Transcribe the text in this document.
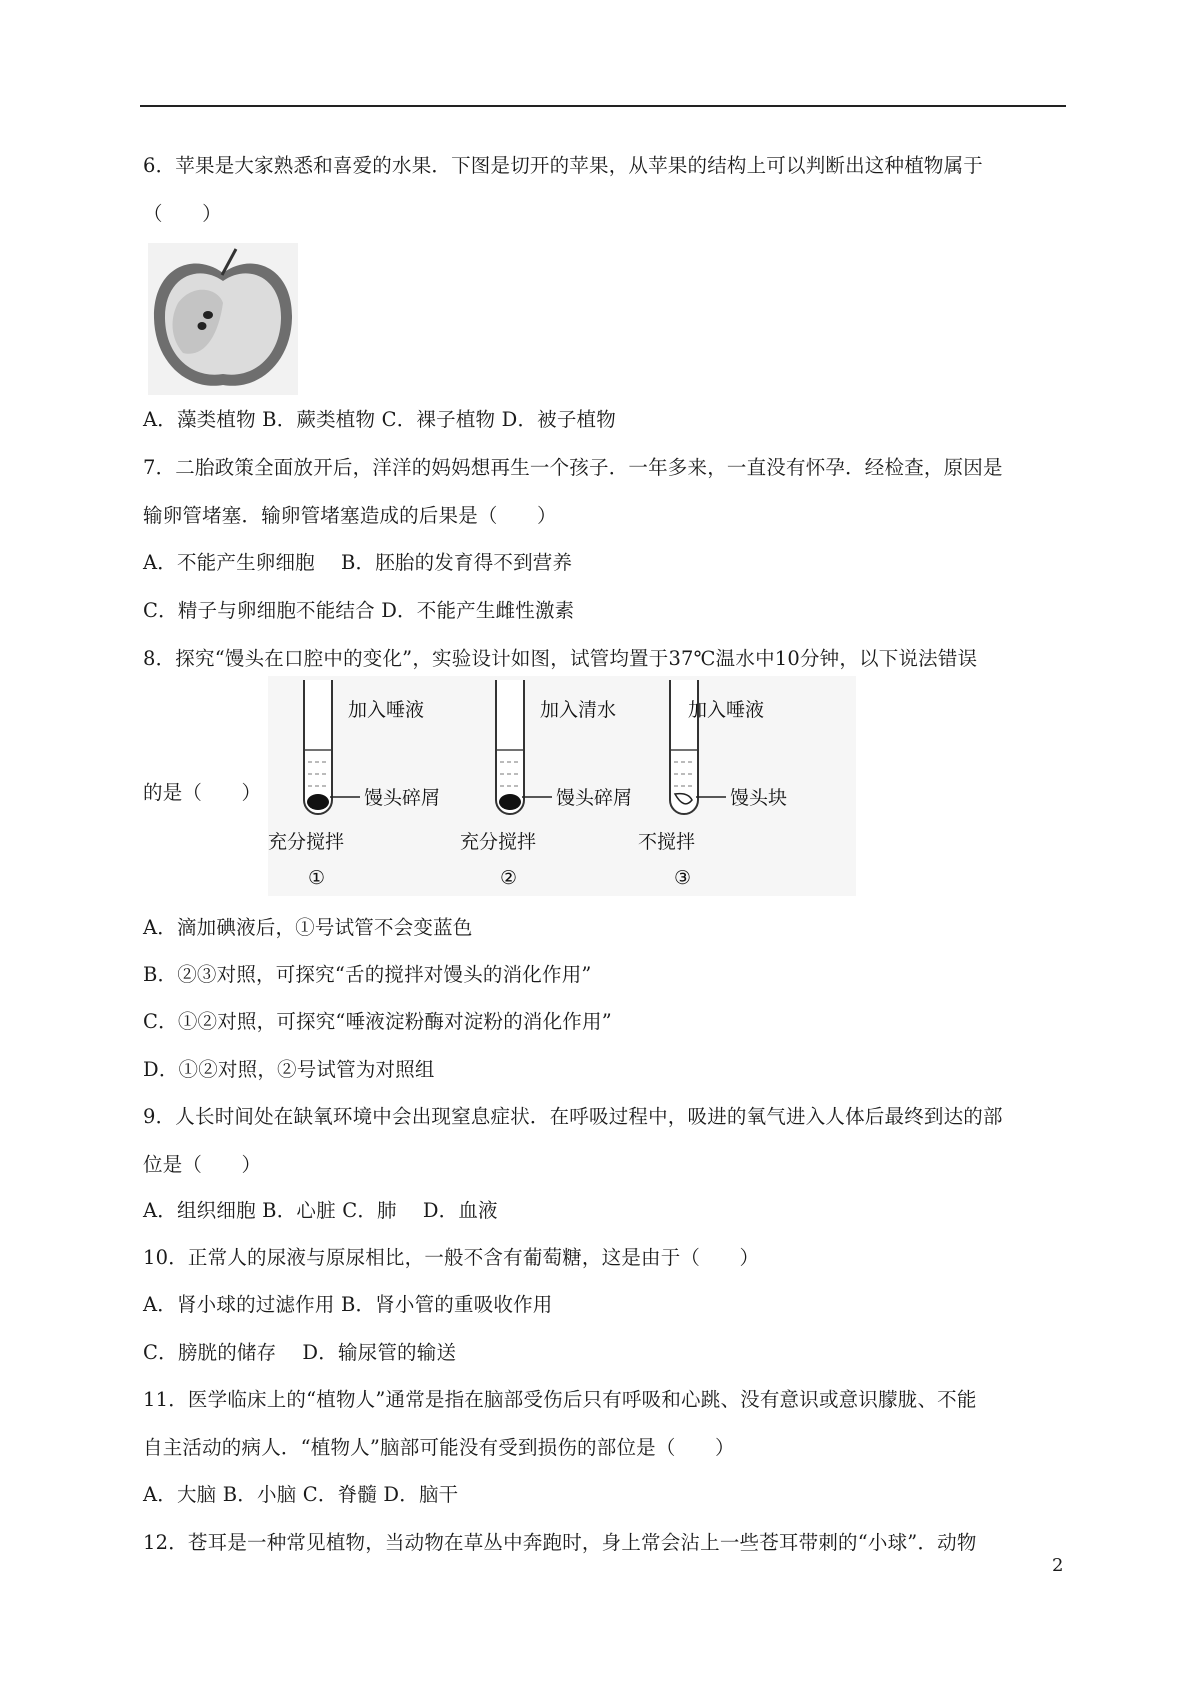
6．苹果是大家熟悉和喜爱的水果．下图是切开的苹果，从苹果的结构上可以判断出这种植物属于
（　　）
A．藻类植物 B．蕨类植物 C．裸子植物 D．被子植物
7．二胎政策全面放开后，洋洋的妈妈想再生一个孩子．一年多来，一直没有怀孕．经检查，原因是
输卵管堵塞．输卵管堵塞造成的后果是（　　）
A．不能产生卵细胞　 B．胚胎的发育得不到营养
C．精子与卵细胞不能结合 D．不能产生雌性激素
8．探究“馒头在口腔中的变化”，实验设计如图，试管均置于37℃温水中10分钟，以下说法错误
的是（　　）
加入唾液
馒头碎屑
充分搅拌
①
加入清水
馒头碎屑
充分搅拌
②
加入唾液
馒头块
不搅拌
③
A．滴加碘液后，①号试管不会变蓝色
B．②③对照，可探究“舌的搅拌对馒头的消化作用”
C．①②对照，可探究“唾液淀粉酶对淀粉的消化作用”
D．①②对照，②号试管为对照组
9．人长时间处在缺氧环境中会出现窒息症状．在呼吸过程中，吸进的氧气进入人体后最终到达的部
位是（　　）
A．组织细胞 B．心脏 C．肺　 D．血液
10．正常人的尿液与原尿相比，一般不含有葡萄糖，这是由于（　　）
A．肾小球的过滤作用 B．肾小管的重吸收作用
C．膀胱的储存　 D．输尿管的输送
11．医学临床上的“植物人”通常是指在脑部受伤后只有呼吸和心跳、没有意识或意识朦胧、不能
自主活动的病人．“植物人”脑部可能没有受到损伤的部位是（　　）
A．大脑 B．小脑 C．脊髓 D．脑干
12．苍耳是一种常见植物，当动物在草丛中奔跑时，身上常会沾上一些苍耳带刺的“小球”．动物
2
